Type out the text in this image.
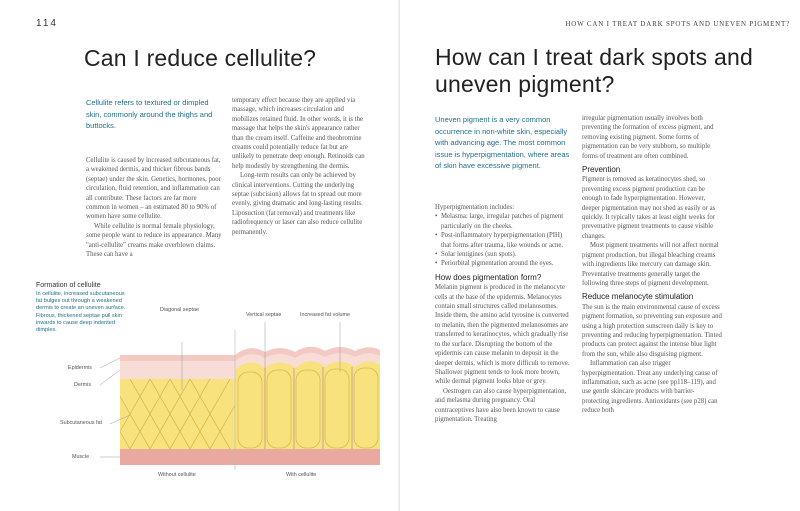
114
Can I reduce cellulite?

Cellulite refers to textured or dimpled skin, commonly around the thighs and buttocks.

Cellulite is caused by increased subcutaneous fat, a weakened dermis, and thicker fibrous bands (septae) under the skin. Genetics, hormones, poor circulation, fluid retention, and inflammation can all contribute. These factors are far more common in women – an estimated 80 to 90% of women have some cellulite.

While cellulite is normal female physiology, some people want to reduce its appearance. Many "anti-cellulite" creams make overblown claims. These can have a

temporary effect because they are applied via massage, which increases circulation and mobilizes retained fluid. In other words, it is the massage that helps the skin's appearance rather than the cream itself. Caffeine and theobromine creams could potentially reduce fat but are unlikely to penetrate deep enough. Retinoids can help modestly by strengthening the dermis.

Long-term results can only be achieved by clinical interventions. Cutting the underlying septae (subcision) allows fat to spread out more evenly, giving dramatic and long-lasting results. Liposuction (fat removal) and treatments like radiofrequency or laser can also reduce cellulite permanently.

Formation of cellulite
In cellulite, increased subcutaneous fat bulges out through a weakened dermis to create an uneven surface. Fibrous, thickened septae pull skin inwards to cause deep indented dimples.
Diagonal septae
Vertical septae	Increased fat volume
Epidermis
Dermis
Subcutaneous fat
Muscle
Without cellulite	With cellulite
HOW CAN I TREAT DARK SPOTS AND UNEVEN PIGMENT?
How can I treat dark spots and uneven pigment?

Uneven pigment is a very common occurrence in non-white skin, especially with advancing age. The most common issue is hyperpigmentation, where areas of skin have excessive pigment.

Hyperpigmentation includes:

• Melasma: large, irregular patches of pigment particularly on the cheeks.
• Post-inflammatory hyperpigmentation (PIH) that forms after trauma, like wounds or acne.
• Solar lentigines (sun spots).
• Periorbital pigmentation around the eyes.
How does pigmentation form?

Melanin pigment is produced in the melanocyte cells at the base of the epidermis. Melanocytes contain small structures called melanosomes. Inside them, the amino acid tyrosine is converted to melanin, then the pigmented melanosomes are transferred to keratinocytes, which gradually rise to the surface. Disrupting the bottom of the epidermis can cause melanin to deposit in the deeper dermis, which is more difficult to remove. Shallower pigment tends to look more brown, while dermal pigment looks blue or grey.

Oestrogen can also cause hyperpigmentation, and melasma during pregnancy. Oral contraceptives have also been known to cause pigmentation. Treating

irregular pigmentation usually involves both preventing the formation of excess pigment, and removing existing pigment. Some forms of pigmentation can be very stubborn, so multiple forms of treatment are often combined.

Prevention

Pigment is removed as keratinocytes shed, so preventing excess pigment production can be enough to fade hyperpigmentation. However, deeper pigmentation may not shed as easily or as quickly. It typically takes at least eight weeks for preventative pigment treatments to cause visible changes.

Most pigment treatments will not affect normal pigment production, but illegal bleaching creams with ingredients like mercury can damage skin. Preventative treatments generally target the following three steps of pigment development.

Reduce melanocyte stimulation

The sun is the main environmental cause of excess pigment formation, so preventing sun exposure and using a high protection sunscreen daily is key to preventing and reducing hyperpigmentation. Tinted products can protect against the intense blue light from the sun, while also disguising pigment.

Inflammation can also trigger hyperpigmentation. Treat any underlying cause of inflammation, such as acne (see pp118–119), and use gentle skincare products with barrier-protecting ingredients. Antioxidants (see p28) can reduce both
